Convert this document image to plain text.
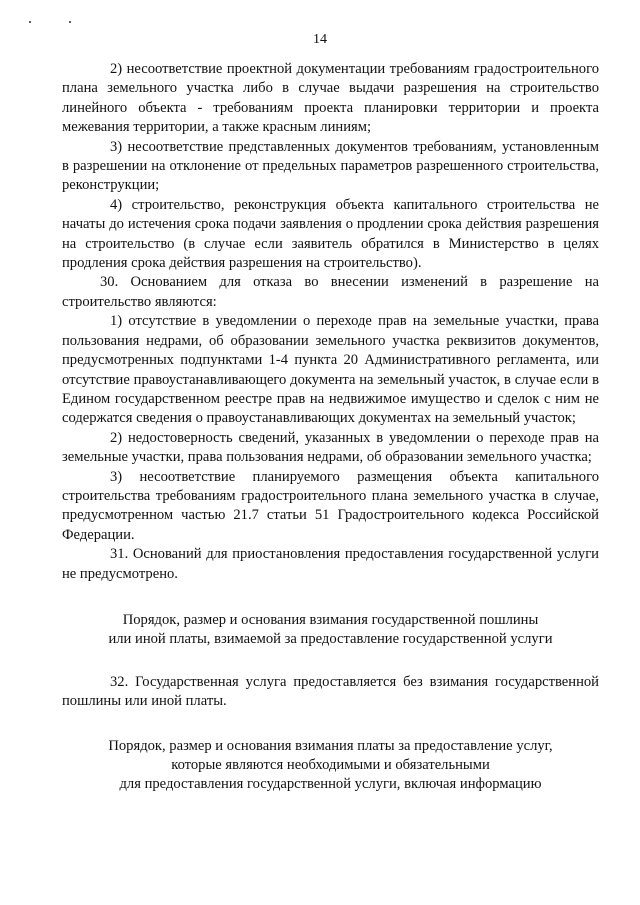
14

2) несоответствие проектной документации требованиям градостроительного плана земельного участка либо в случае выдачи разрешения на строительство линейного объекта - требованиям проекта планировки территории и проекта межевания территории, а также красным линиям;

3) несоответствие представленных документов требованиям, установленным в разрешении на отклонение от предельных параметров разрешенного строительства, реконструкции;

4) строительство, реконструкция объекта капитального строительства не начаты до истечения срока подачи заявления о продлении срока действия разрешения на строительство (в случае если заявитель обратился в Министерство в целях продления срока действия разрешения на строительство).

30. Основанием для отказа во внесении изменений в разрешение на строительство являются:

1) отсутствие в уведомлении о переходе прав на земельные участки, права пользования недрами, об образовании земельного участка реквизитов документов, предусмотренных подпунктами 1-4 пункта 20 Административного регламента, или отсутствие правоустанавливающего документа на земельный участок, в случае если в Едином государственном реестре прав на недвижимое имущество и сделок с ним не содержатся сведения о правоустанавливающих документах на земельный участок;

2) недостоверность сведений, указанных в уведомлении о переходе прав на земельные участки, права пользования недрами, об образовании земельного участка;

3) несоответствие планируемого размещения объекта капитального строительства требованиям градостроительного плана земельного участка в случае, предусмотренном частью 21.7 статьи 51 Градостроительного кодекса Российской Федерации.

31. Оснований для приостановления предоставления государственной услуги не предусмотрено.

Порядок, размер и основания взимания государственной пошлины

или иной платы, взимаемой за предоставление государственной услуги

32. Государственная услуга предоставляется без взимания государственной пошлины или иной платы.

Порядок, размер и основания взимания платы за предоставление услуг,

которые являются необходимыми и обязательными

для предоставления государственной услуги, включая информацию
